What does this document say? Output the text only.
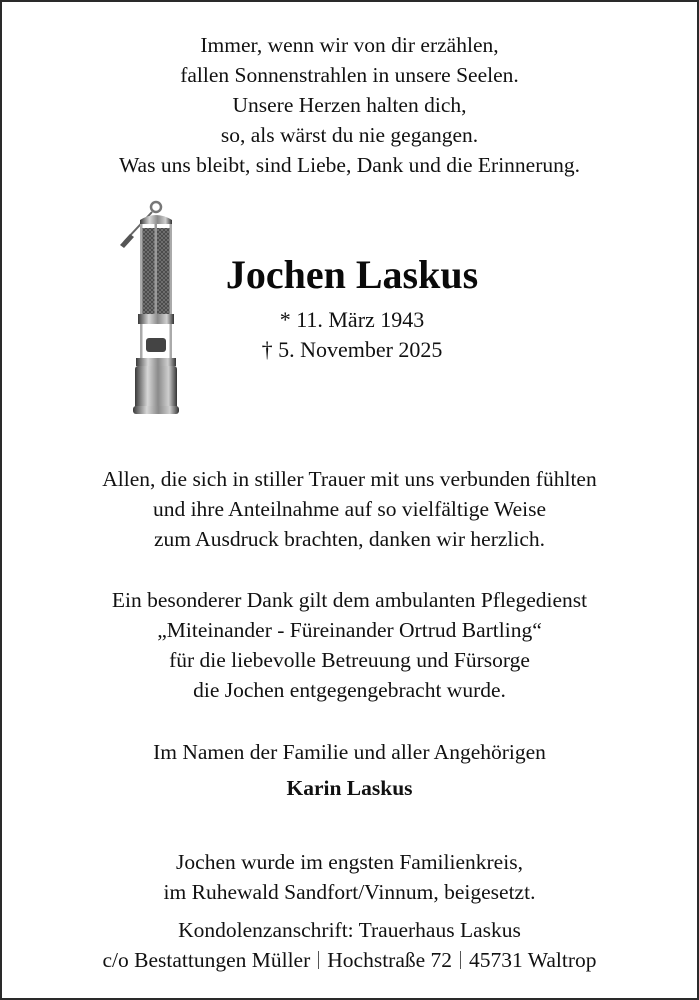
Immer, wenn wir von dir erzählen,
fallen Sonnenstrahlen in unsere Seelen.
Unsere Herzen halten dich,
so, als wärst du nie gegangen.
Was uns bleibt, sind Liebe, Dank und die Erinnerung.
Jochen Laskus
* 11. März 1943
† 5. November 2025
Allen, die sich in stiller Trauer mit uns verbunden fühlten
und ihre Anteilnahme auf so vielfältige Weise
zum Ausdruck brachten, danken wir herzlich.
Ein besonderer Dank gilt dem ambulanten Pflegedienst
„Miteinander - Füreinander Ortrud Bartling“
für die liebevolle Betreuung und Fürsorge
die Jochen entgegengebracht wurde.
Im Namen der Familie und aller Angehörigen
Karin Laskus
Jochen wurde im engsten Familienkreis,
im Ruhewald Sandfort/Vinnum, beigesetzt.
Kondolenzanschrift: Trauerhaus Laskus
c/o Bestattungen Müller Hochstraße 72 45731 Waltrop
